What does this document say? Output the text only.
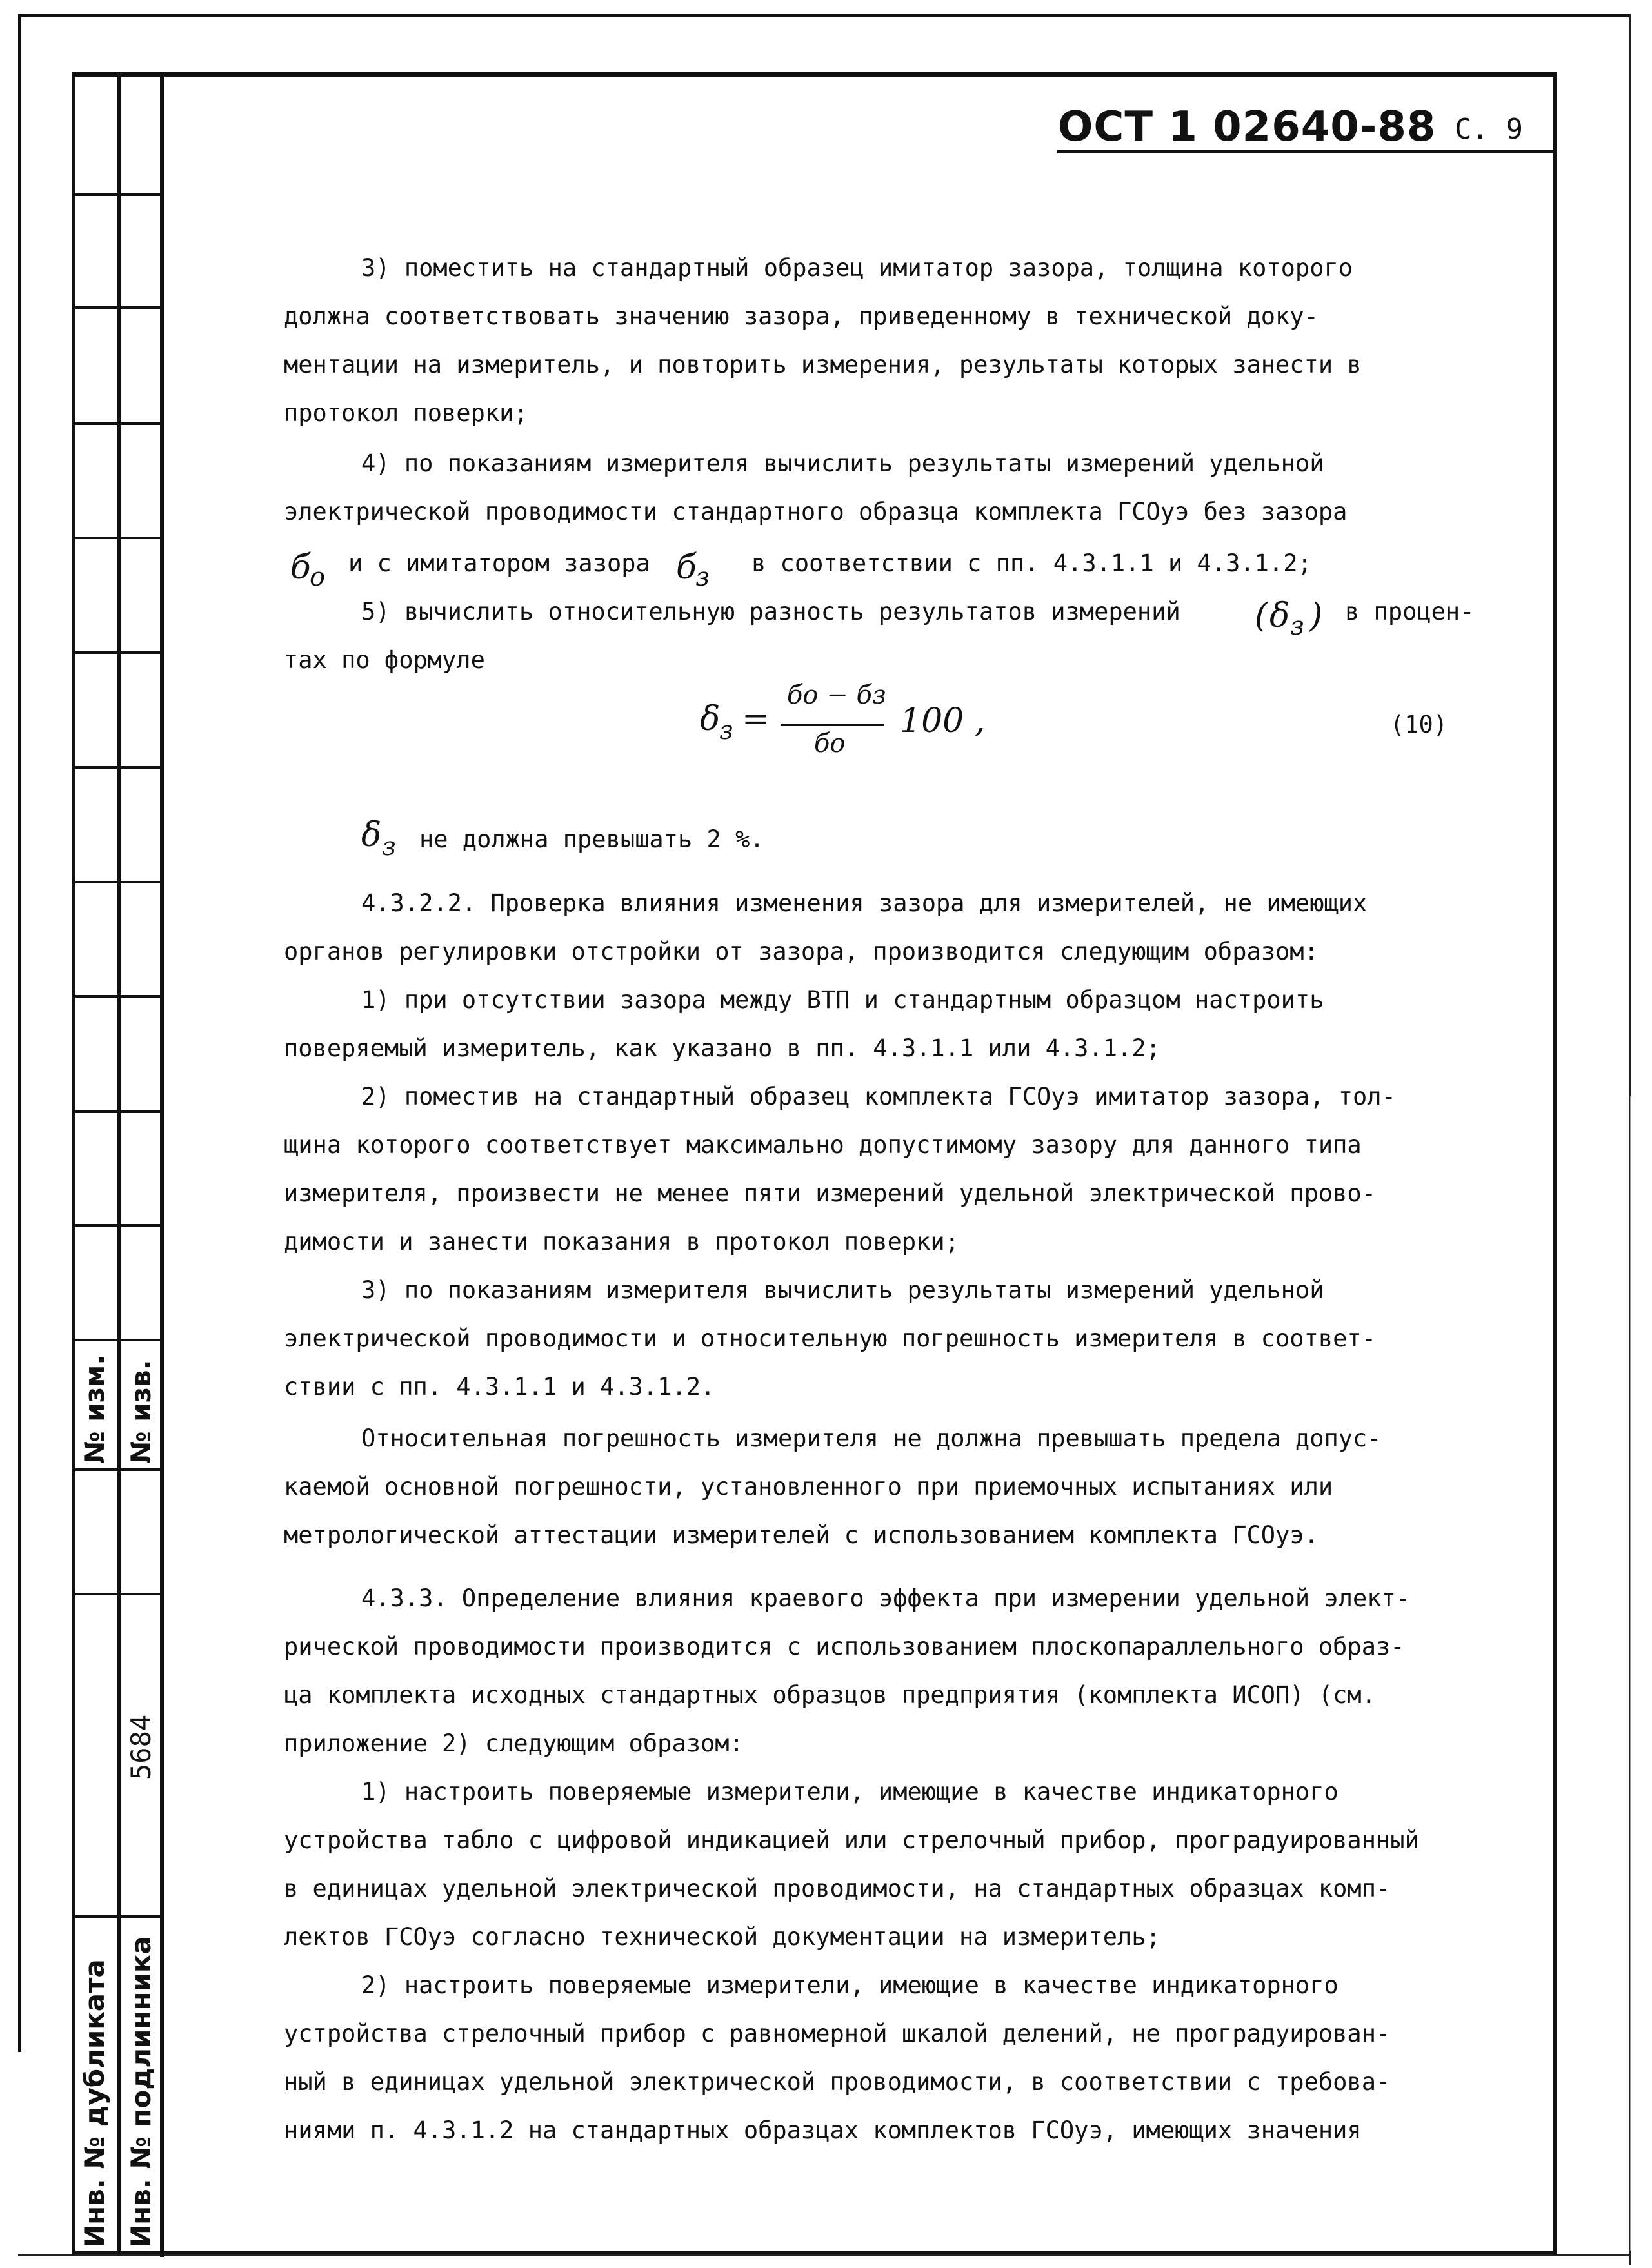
№ изм. № изв.
5684
Инв. № дубликата Инв. № подлинника
ОСТ 1 02640-88 С. 9
3) поместить на стандартный образец имитатор зазора, толщина которого
должна соответствовать значению зазора, приведенному в технической доку-
ментации на измеритель, и повторить измерения, результаты которых занести в
протокол поверки;
4) по показаниям измерителя вычислить результаты измерений удельной
электрической проводимости стандартного образца комплекта ГСОуэ без зазора
б
о и с имитатором зазора б
з в соответствии с пп. 4.3.1.1 и 4.3.1.2;
5) вычислить относительную разность результатов измерений ( δ з ) в процен-
тах по формуле
δ
з =
бо − бз
бо
100 ,	(10)
δ з не должна превышать 2 %.
4.3.2.2. Проверка влияния изменения зазора для измерителей, не имеющих
органов регулировки отстройки от зазора, производится следующим образом:
1) при отсутствии зазора между ВТП и стандартным образцом настроить
поверяемый измеритель, как указано в пп. 4.3.1.1 или 4.3.1.2;
2) поместив на стандартный образец комплекта ГСОуэ имитатор зазора, тол-
щина которого соответствует максимально допустимому зазору для данного типа
измерителя, произвести не менее пяти измерений удельной электрической прово-
димости и занести показания в протокол поверки;
3) по показаниям измерителя вычислить результаты измерений удельной
электрической проводимости и относительную погрешность измерителя в соответ-
ствии с пп. 4.3.1.1 и 4.3.1.2.
Относительная погрешность измерителя не должна превышать предела допус-
каемой основной погрешности, установленного при приемочных испытаниях или
метрологической аттестации измерителей с использованием комплекта ГСОуэ.
4.3.3. Определение влияния краевого эффекта при измерении удельной элект-
рической проводимости производится с использованием плоскопараллельного образ-
ца комплекта исходных стандартных образцов предприятия (комплекта ИСОП) (см.
приложение 2) следующим образом:
1) настроить поверяемые измерители, имеющие в качестве индикаторного
устройства табло с цифровой индикацией или стрелочный прибор, проградуированный
в единицах удельной электрической проводимости, на стандартных образцах комп-
лектов ГСОуэ согласно технической документации на измеритель;
2) настроить поверяемые измерители, имеющие в качестве индикаторного
устройства стрелочный прибор с равномерной шкалой делений, не проградуирован-
ный в единицах удельной электрической проводимости, в соответствии с требова-
ниями п. 4.3.1.2 на стандартных образцах комплектов ГСОуэ, имеющих значения
